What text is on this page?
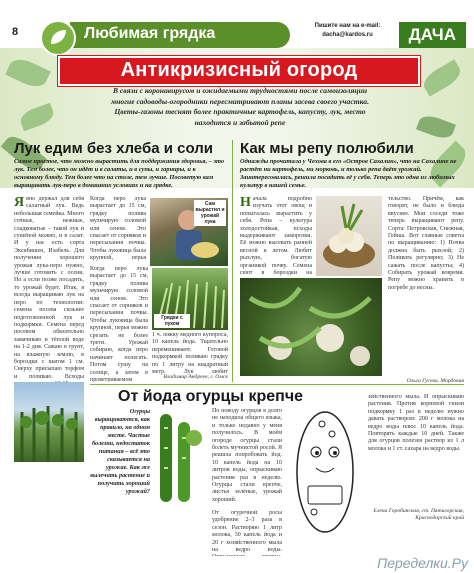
8	Любимая грядка	Пишите нам на e-mail: dacha@kardos.ru	ДАЧА
Антикризисный огород
В связи с коронавирусом и ожидаемыми трудностями после самоизоляции многие садоводы-огородники пересматривают планы засева своего участка. Цветы-газоны теснят более практичные картофель, капусту, лук, место находится и забытой репе
Лук едим без хлеба и соли
Самое простое, что можно вырастить для поддержания здоровья, – это лук. Тем более, что он идёт и в салаты, и в супы, и гарниры, и к основному блюду. Тем более что на столе, тем лучше. Посоветую вам выращивать лук-перо в домашних условиях и на грядке.
Явно держал для себя салатный лук. Ведь небольшая семейка. Много сочные, нежные, сладковатые – такой лук и сушёной можно, и в салат. И у нас есть сорта Эксибишен, Изабель. Для получения хорошего урожая лука-перо нужно, лучше готовить с осени. Но а если позже посадить, то урожай будет. Итак, я всегда выращиваю лук на перо по технологии: семена посева сильнее подготовленной лук и подкормки. Семена перед посевом обязательно замачиваю в тёплой воде на 1-2 дня. Сажаю в грунт, на влажную землю, в бороздки с шагом 1 см. Сверху присыпаю торфом и поливаю. Всходы
Когда перо лука вырастает до 15 см, грядку полива мульчирую соломой или сеном. Это спасает от сорняков и пересыхания почвы. Чтобы луковица была крупной, перья
Сам вырастил и урожай лука
Когда перо лука вырастает до 15 см, грядку полива мульчирую соломой или сеном. Это спасает от сорняков и пересыхания почвы. Чтобы луковица была крупной, перья можно срезать не более трети. Урожай собираю, когда перо начинает полегать. Потом сушу на солнце, а затем в проветриваемом
Грядки с луком
1 ч. ложку медного купороса, 10 капель йода. Тщательно перемешивают. Готовой подкормкой поливаю грядку по 1 литру на квадратный метр. Лук любит
Владимир Андреев, г. Омск
Как мы репу полюбили
Однажды прочитала у Чехова в его «Остров Сахалин», что на Сахалине не растёт ни картофель, ни морковь, и только репа даёт урожай. Заинтересовалась, решила посадить её у себя. Теперь это одна из любимых культур в нашей семье.
Начала подробно изучать этот овощ и попыталась вырастить у себя. Репа – культура холодостойкая, всходы выдерживают заморозки. Её можно высевать ранней весной и летом. Любит рыхлую, богатую органикой почву. Семена сеют в бороздки на
тельство. Причём, как говорят, не было и блюда вкуснее. Мои соседи тоже теперь выращивают репу. Сорта: Петровская, Снежная, Гейша. Вот главные советы по выращиванию: 1) Почва должна быть рыхлой; 2) Поливать регулярно; 3) Не сажать после капусты; 4) Собирать урожай вовремя. Репу можно хранить в погребе до весны.
Ольга Гусева, Мордовия
От йода огурцы крепче
Огурцы выращиваются, как правило, на одном месте. Частые болезни, недостаток питания – всё это сказывается на урожае. Как же вылечить растение и получить хороший урожай?
По поводу огурцов я долго не находила общего языка, и только недавно у меня получилось. В моём огороде огурцы стали болеть мучнистой росой. Я решила попробовать йод. 10 капель йода на 10 литров воды, опрыскиваю растения раз в неделю. Огурцы стали крепче, листья зелёные, урожай хороший.
От огуречной росы удобрение 2–3 раза в сезон. Растворяю 1 литр молока, 30 капель йода и 20 г хозяйственного мыла на ведро воды.
зейственного мыла. И опрыскиваю растения. Против корневой гнили подкормку 1 раз в неделю нужно давать раствором: 200 г молока на ведро воды плюс 10 капель йода. Повторять каждые 10 дней. Также для огурцов полезен раствор из 1 л молока и 1 ст. сахара на ведро воды.
Елена Горобинская, ст. Пятигорская, Краснодарский край
Переделки.Ру
